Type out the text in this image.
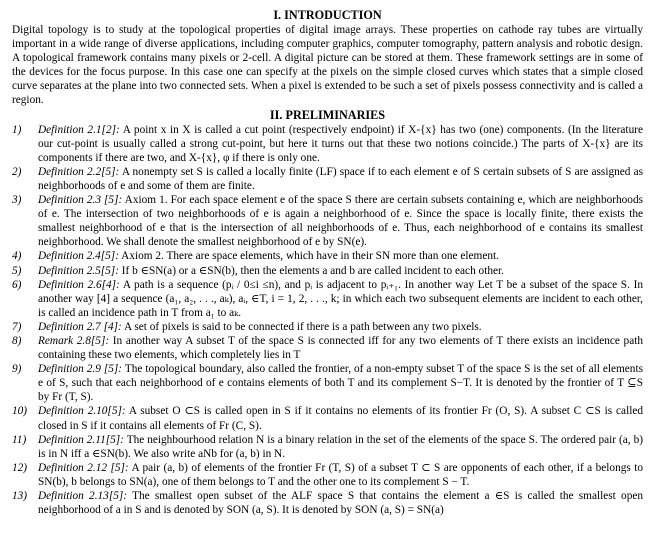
I. INTRODUCTION

Digital topology is to study at the topological properties of digital image arrays. These properties on cathode ray tubes are virtually important in a wide range of diverse applications, including computer graphics, computer tomography, pattern analysis and robotic design. A topological framework contains many pixels or 2-cell. A digital picture can be stored at them. These framework settings are in some of the devices for the focus purpose. In this case one can specify at the pixels on the simple closed curves which states that a simple closed curve separates at the plane into two connected sets. When a pixel is extended to be such a set of pixels possess connectivity and is called a region.

II. PRELIMINARIES
1)	Definition 2.1[2]: A point x in X is called a cut point (respectively endpoint) if X-{x} has two (one) components. (In the literature our cut-point is usually called a strong cut-point, but here it turns out that these two notions coincide.) The parts of X-{x} are its components if there are two, and X-{x}, φ if there is only one.
2)	Definition 2.2[5]: A nonempty set S is called a locally finite (LF) space if to each element e of S certain subsets of S are assigned as neighborhoods of e and some of them are finite.
3)	Definition 2.3 [5]: Axiom 1. For each space element e of the space S there are certain subsets containing e, which are neighborhoods of e. The intersection of two neighborhoods of e is again a neighborhood of e. Since the space is locally finite, there exists the smallest neighborhood of e that is the intersection of all neighborhoods of e. Thus, each neighborhood of e contains its smallest neighborhood. We shall denote the smallest neighborhood of e by SN(e).
4)	Definition 2.4[5]: Axiom 2. There are space elements, which have in their SN more than one element.
5)	Definition 2.5[5]: If b ∈SN(a) or a ∈SN(b), then the elements a and b are called incident to each other.
6)	Definition 2.6[4]: A path is a sequence (pᵢ / 0≤i ≤n), and pᵢ is adjacent to pᵢ₊₁. In another way Let T be a subset of the space S. In another way [4] a sequence (a₁, a₂, . . ., aₖ), aᵢ, ∈T, i = 1, 2, . . ., k; in which each two subsequent elements are incident to each other, is called an incidence path in T from a₁ to aₖ.
7)	Definition 2.7 [4]: A set of pixels is said to be connected if there is a path between any two pixels.
8)	Remark 2.8[5]: In another way A subset T of the space S is connected iff for any two elements of T there exists an incidence path containing these two elements, which completely lies in T
9)	Definition 2.9 [5]: The topological boundary, also called the frontier, of a non-empty subset T of the space S is the set of all elements e of S, such that each neighborhood of e contains elements of both T and its complement S−T. It is denoted by the frontier of T ⊆S by Fr (T, S).
10) Definition 2.10[5]: A subset O ⊂S is called open in S if it contains no elements of its frontier Fr (O, S). A subset C ⊂S is called closed in S if it contains all elements of Fr (C, S).
11)	Definition 2.11[5]: The neighbourhood relation N is a binary relation in the set of the elements of the space S. The ordered pair (a, b) is in N iff a ∈SN(b). We also write aNb for (a, b) in N.
12) Definition 2.12 [5]: A pair (a, b) of elements of the frontier Fr (T, S) of a subset T ⊂ S are opponents of each other, if a belongs to SN(b), b belongs to SN(a), one of them belongs to T and the other one to its complement S − T.
13) Definition 2.13[5]: The smallest open subset of the ALF space S that contains the element a ∈S is called the smallest open neighborhood of a in S and is denoted by SON (a, S). It is denoted by SON (a, S) = SN(a)
